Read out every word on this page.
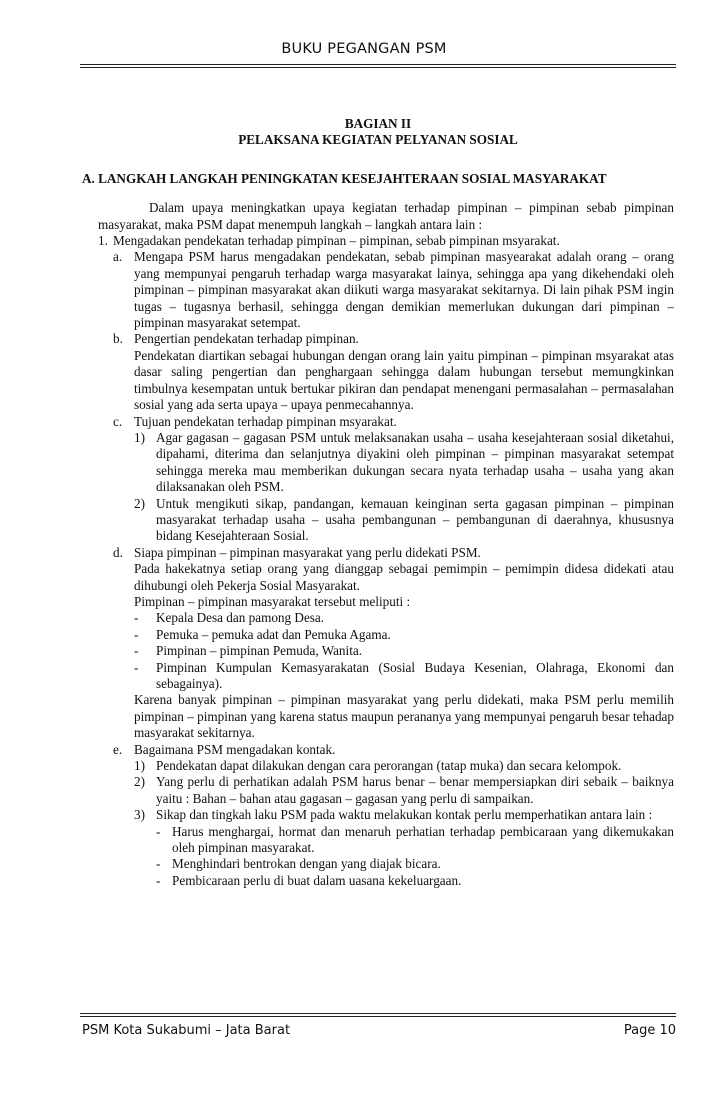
BUKU PEGANGAN PSM
BAGIAN II
PELAKSANA KEGIATAN PELYANAN SOSIAL
A. LANGKAH LANGKAH PENINGKATAN KESEJAHTERAAN SOSIAL MASYARAKAT

Dalam upaya meningkatkan upaya kegiatan terhadap pimpinan – pimpinan sebab pimpinan masyarakat, maka PSM dapat menempuh langkah – langkah antara lain :

1. Mengadakan pendekatan terhadap pimpinan – pimpinan, sebab pimpinan msyarakat.
a. Mengapa PSM harus mengadakan pendekatan, sebab pimpinan masyearakat adalah orang – orang yang mempunyai pengaruh terhadap warga masyarakat lainya, sehingga apa yang dikehendaki oleh pimpinan – pimpinan masyarakat akan diikuti warga masyarakat sekitarnya. Di lain pihak PSM ingin tugas – tugasnya berhasil, sehingga dengan demikian memerlukan dukungan dari pimpinan – pimpinan masyarakat setempat.
b. Pengertian pendekatan terhadap pimpinan.

Pendekatan diartikan sebagai hubungan dengan orang lain yaitu pimpinan – pimpinan msyarakat atas dasar saling pengertian dan penghargaan sehingga dalam hubungan tersebut memungkinkan timbulnya kesempatan untuk bertukar pikiran dan pendapat menengani permasalahan – permasalahan sosial yang ada serta upaya – upaya penmecahannya.

c. Tujuan pendekatan terhadap pimpinan msyarakat.
1) Agar gagasan – gagasan PSM untuk melaksanakan usaha – usaha kesejahteraan sosial diketahui, dipahami, diterima dan selanjutnya diyakini oleh pimpinan – pimpinan masyarakat setempat sehingga mereka mau memberikan dukungan secara nyata terhadap usaha – usaha yang akan dilaksanakan oleh PSM.
2) Untuk mengikuti sikap, pandangan, kemauan keinginan serta gagasan pimpinan – pimpinan masyarakat terhadap usaha – usaha pembangunan – pembangunan di daerahnya, khususnya bidang Kesejahteraan Sosial.
d. Siapa pimpinan – pimpinan masyarakat yang perlu didekati PSM.

Pada hakekatnya setiap orang yang dianggap sebagai pemimpin – pemimpin didesa didekati atau dihubungi oleh Pekerja Sosial Masyarakat.

Pimpinan – pimpinan masyarakat tersebut meliputi :

-	Kepala Desa dan pamong Desa.
-	Pemuka – pemuka adat dan Pemuka Agama.
-	Pimpinan – pimpinan Pemuda, Wanita.
-	Pimpinan Kumpulan Kemasyarakatan (Sosial Budaya Kesenian, Olahraga, Ekonomi dan sebagainya).

Karena banyak pimpinan – pimpinan masyarakat yang perlu didekati, maka PSM perlu memilih pimpinan – pimpinan yang karena status maupun perananya yang mempunyai pengaruh besar tehadap masyarakat sekitarnya.

e. Bagaimana PSM mengadakan kontak.
1) Pendekatan dapat dilakukan dengan cara perorangan (tatap muka) dan secara kelompok.
2) Yang perlu di perhatikan adalah PSM harus benar – benar mempersiapkan diri sebaik – baiknya yaitu : Bahan – bahan atau gagasan – gagasan yang perlu di sampaikan.
3) Sikap dan tingkah laku PSM pada waktu melakukan kontak perlu memperhatikan antara lain :
- Harus menghargai, hormat dan menaruh perhatian terhadap pembicaraan yang dikemukakan oleh pimpinan masyarakat.
- Menghindari bentrokan dengan yang diajak bicara.
- Pembicaraan perlu di buat dalam uasana kekeluargaan.
PSM Kota Sukabumi – Jata Barat	Page 10
